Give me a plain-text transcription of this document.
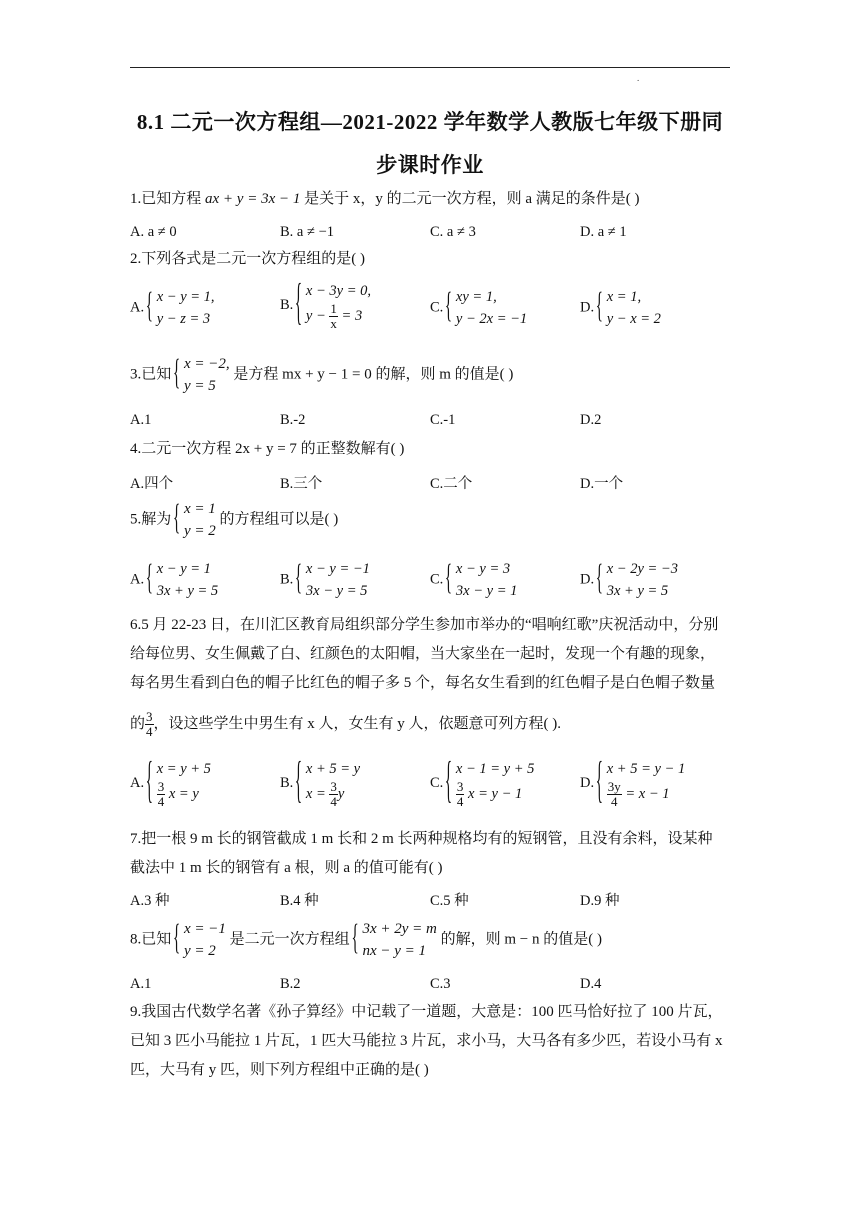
.
8.1 二元一次方程组—2021-2022 学年数学人教版七年级下册同
步课时作业
1.已知方程 ax + y = 3x − 1 是关于 x，y 的二元一次方程，则 a 满足的条件是( )
A. a ≠ 0	B. a ≠ −1	C. a ≠ 3	D. a ≠ 1
2.下列各式是二元一次方程组的是( )
A.
{ x − y = 1,
y − z = 3
B.
{ x − 3y = 0,
$y - \frac{1}{x} = 3$
C.
{ xy = 1,
y − 2x = −1
D.
{ x = 1,
y − x = 2
3.已知
{ x = −2,
y = 5
是方程 mx + y − 1 = 0 的解，则 m 的值是( )
A.1	B.-2	C.-1	D.2
4.二元一次方程 2x + y = 7 的正整数解有( )
A.四个	B.三个	C.二个	D.一个
5.解为
{ x = 1
y = 2
的方程组可以是( )
A.
{ x − y = 1
3x + y = 5
B.
{ x − y = −1
3x − y = 5
C.
{ x − y = 3
3x − y = 1
D.
{ x − 2y = −3
3x + y = 5
6.5 月 22-23 日，在川汇区教育局组织部分学生参加市举办的“唱响红歌”庆祝活动中，分别
给每位男、女生佩戴了白、红颜色的太阳帽，当大家坐在一起时，发现一个有趣的现象，
每名男生看到白色的帽子比红色的帽子多 5 个，每名女生看到的红色帽子是白色帽子数量
的 $\frac{3}{4}$ ，设这些学生中男生有 x 人，女生有 y 人，依题意可列方程( ).
A.
{ x = y + 5
$\frac{3}{4}$ x = y
B.
{ x + 5 = y
$x = \frac{3}{4}$ y
C.
{ x − 1 = y + 5
$\frac{3}{4}$ x = y − 1
D.
{ x + 5 = y − 1
$\frac{3y}{4} = x - 1$
7.把一根 9 m 长的钢管截成 1 m 长和 2 m 长两种规格均有的短钢管，且没有余料，设某种
截法中 1 m 长的钢管有 a 根，则 a 的值可能有( )
A.3 种	B.4 种	C.5 种	D.9 种
8.已知
{ x = −1
y = 2
是二元一次方程组
{ 3x + 2y = m
nx − y = 1
的解，则 m − n 的值是( )
A.1	B.2	C.3	D.4
9.我国古代数学名著《孙子算经》中记载了一道题，大意是：100 匹马恰好拉了 100 片瓦，
已知 3 匹小马能拉 1 片瓦，1 匹大马能拉 3 片瓦，求小马，大马各有多少匹，若设小马有 x
匹，大马有 y 匹，则下列方程组中正确的是( )
